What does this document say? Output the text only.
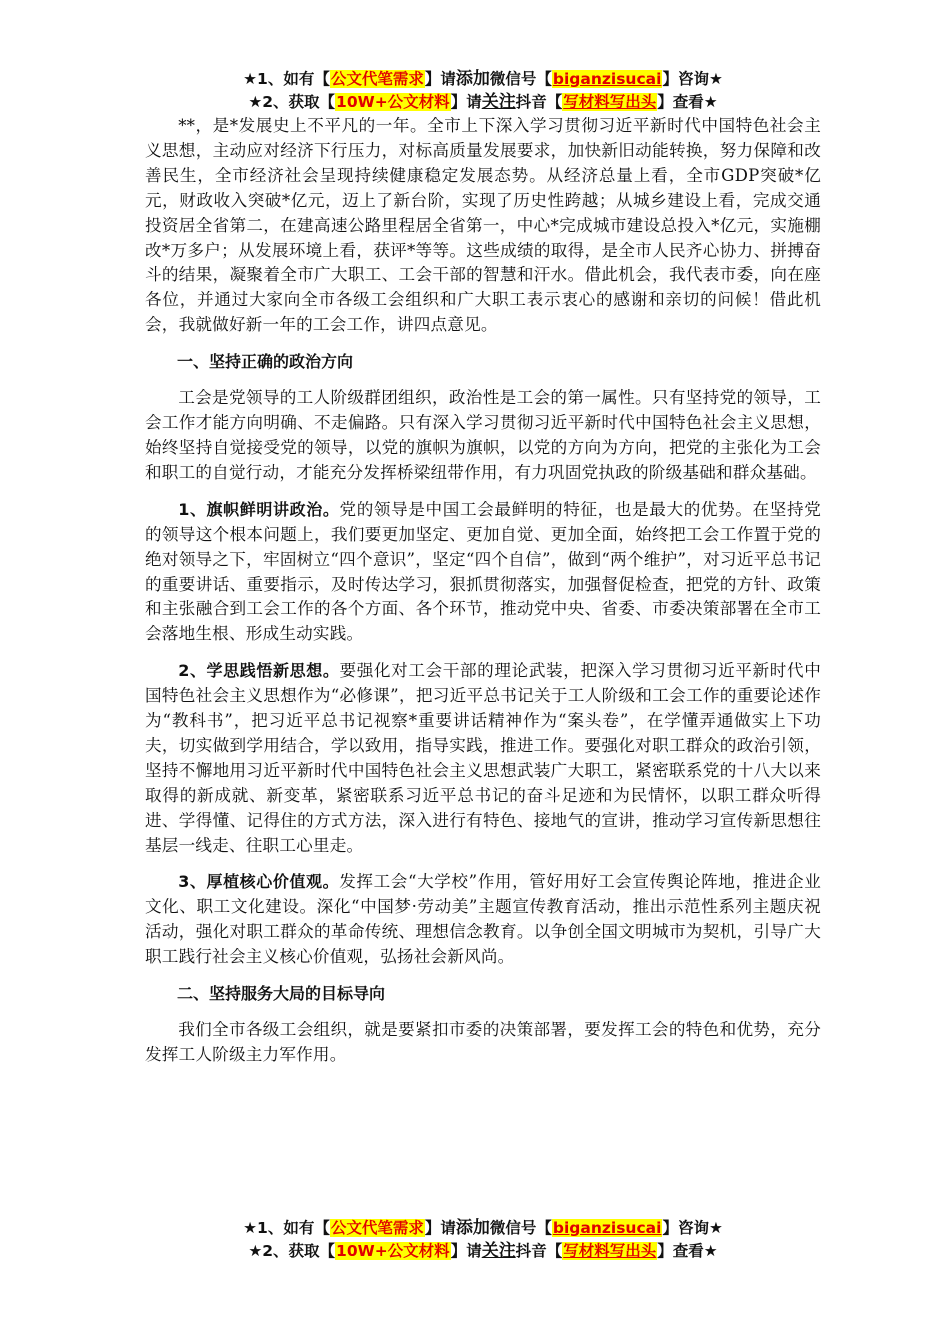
★1、如有【公文代笔需求】请添加微信号【biganzisucai】咨询★
★2、获取【10W+公文材料】请关注抖音【写材料写出头】查看★

**，是*发展史上不平凡的一年。全市上下深入学习贯彻习近平新时代中国特色社会主义思想，主动应对经济下行压力，对标高质量发展要求，加快新旧动能转换，努力保障和改善民生，全市经济社会呈现持续健康稳定发展态势。从经济总量上看，全市GDP突破*亿元，财政收入突破*亿元，迈上了新台阶，实现了历史性跨越；从城乡建设上看，完成交通投资居全省第二，在建高速公路里程居全省第一，中心*完成城市建设总投入*亿元，实施棚改*万多户；从发展环境上看，获评*等等。这些成绩的取得，是全市人民齐心协力、拼搏奋斗的结果，凝聚着全市广大职工、工会干部的智慧和汗水。借此机会，我代表市委，向在座各位，并通过大家向全市各级工会组织和广大职工表示衷心的感谢和亲切的问候！借此机会，我就做好新一年的工会工作，讲四点意见。

一、坚持正确的政治方向

工会是党领导的工人阶级群团组织，政治性是工会的第一属性。只有坚持党的领导，工会工作才能方向明确、不走偏路。只有深入学习贯彻习近平新时代中国特色社会主义思想，始终坚持自觉接受党的领导，以党的旗帜为旗帜，以党的方向为方向，把党的主张化为工会和职工的自觉行动，才能充分发挥桥梁纽带作用，有力巩固党执政的阶级基础和群众基础。

1、旗帜鲜明讲政治。党的领导是中国工会最鲜明的特征，也是最大的优势。在坚持党的领导这个根本问题上，我们要更加坚定、更加自觉、更加全面，始终把工会工作置于党的绝对领导之下，牢固树立“四个意识”，坚定“四个自信”，做到“两个维护”，对习近平总书记的重要讲话、重要指示，及时传达学习，狠抓贯彻落实，加强督促检查，把党的方针、政策和主张融合到工会工作的各个方面、各个环节，推动党中央、省委、市委决策部署在全市工会落地生根、形成生动实践。

2、学思践悟新思想。要强化对工会干部的理论武装，把深入学习贯彻习近平新时代中国特色社会主义思想作为“必修课”，把习近平总书记关于工人阶级和工会工作的重要论述作为“教科书”，把习近平总书记视察*重要讲话精神作为“案头卷”，在学懂弄通做实上下功夫，切实做到学用结合，学以致用，指导实践，推进工作。要强化对职工群众的政治引领，坚持不懈地用习近平新时代中国特色社会主义思想武装广大职工，紧密联系党的十八大以来取得的新成就、新变革，紧密联系习近平总书记的奋斗足迹和为民情怀，以职工群众听得进、学得懂、记得住的方式方法，深入进行有特色、接地气的宣讲，推动学习宣传新思想往基层一线走、往职工心里走。

3、厚植核心价值观。发挥工会“大学校”作用，管好用好工会宣传舆论阵地，推进企业文化、职工文化建设。深化“中国梦·劳动美”主题宣传教育活动，推出示范性系列主题庆祝活动，强化对职工群众的革命传统、理想信念教育。以争创全国文明城市为契机，引导广大职工践行社会主义核心价值观，弘扬社会新风尚。

二、坚持服务大局的目标导向

我们全市各级工会组织，就是要紧扣市委的决策部署，要发挥工会的特色和优势，充分发挥工人阶级主力军作用。

★1、如有【公文代笔需求】请添加微信号【biganzisucai】咨询★
★2、获取【10W+公文材料】请关注抖音【写材料写出头】查看★
